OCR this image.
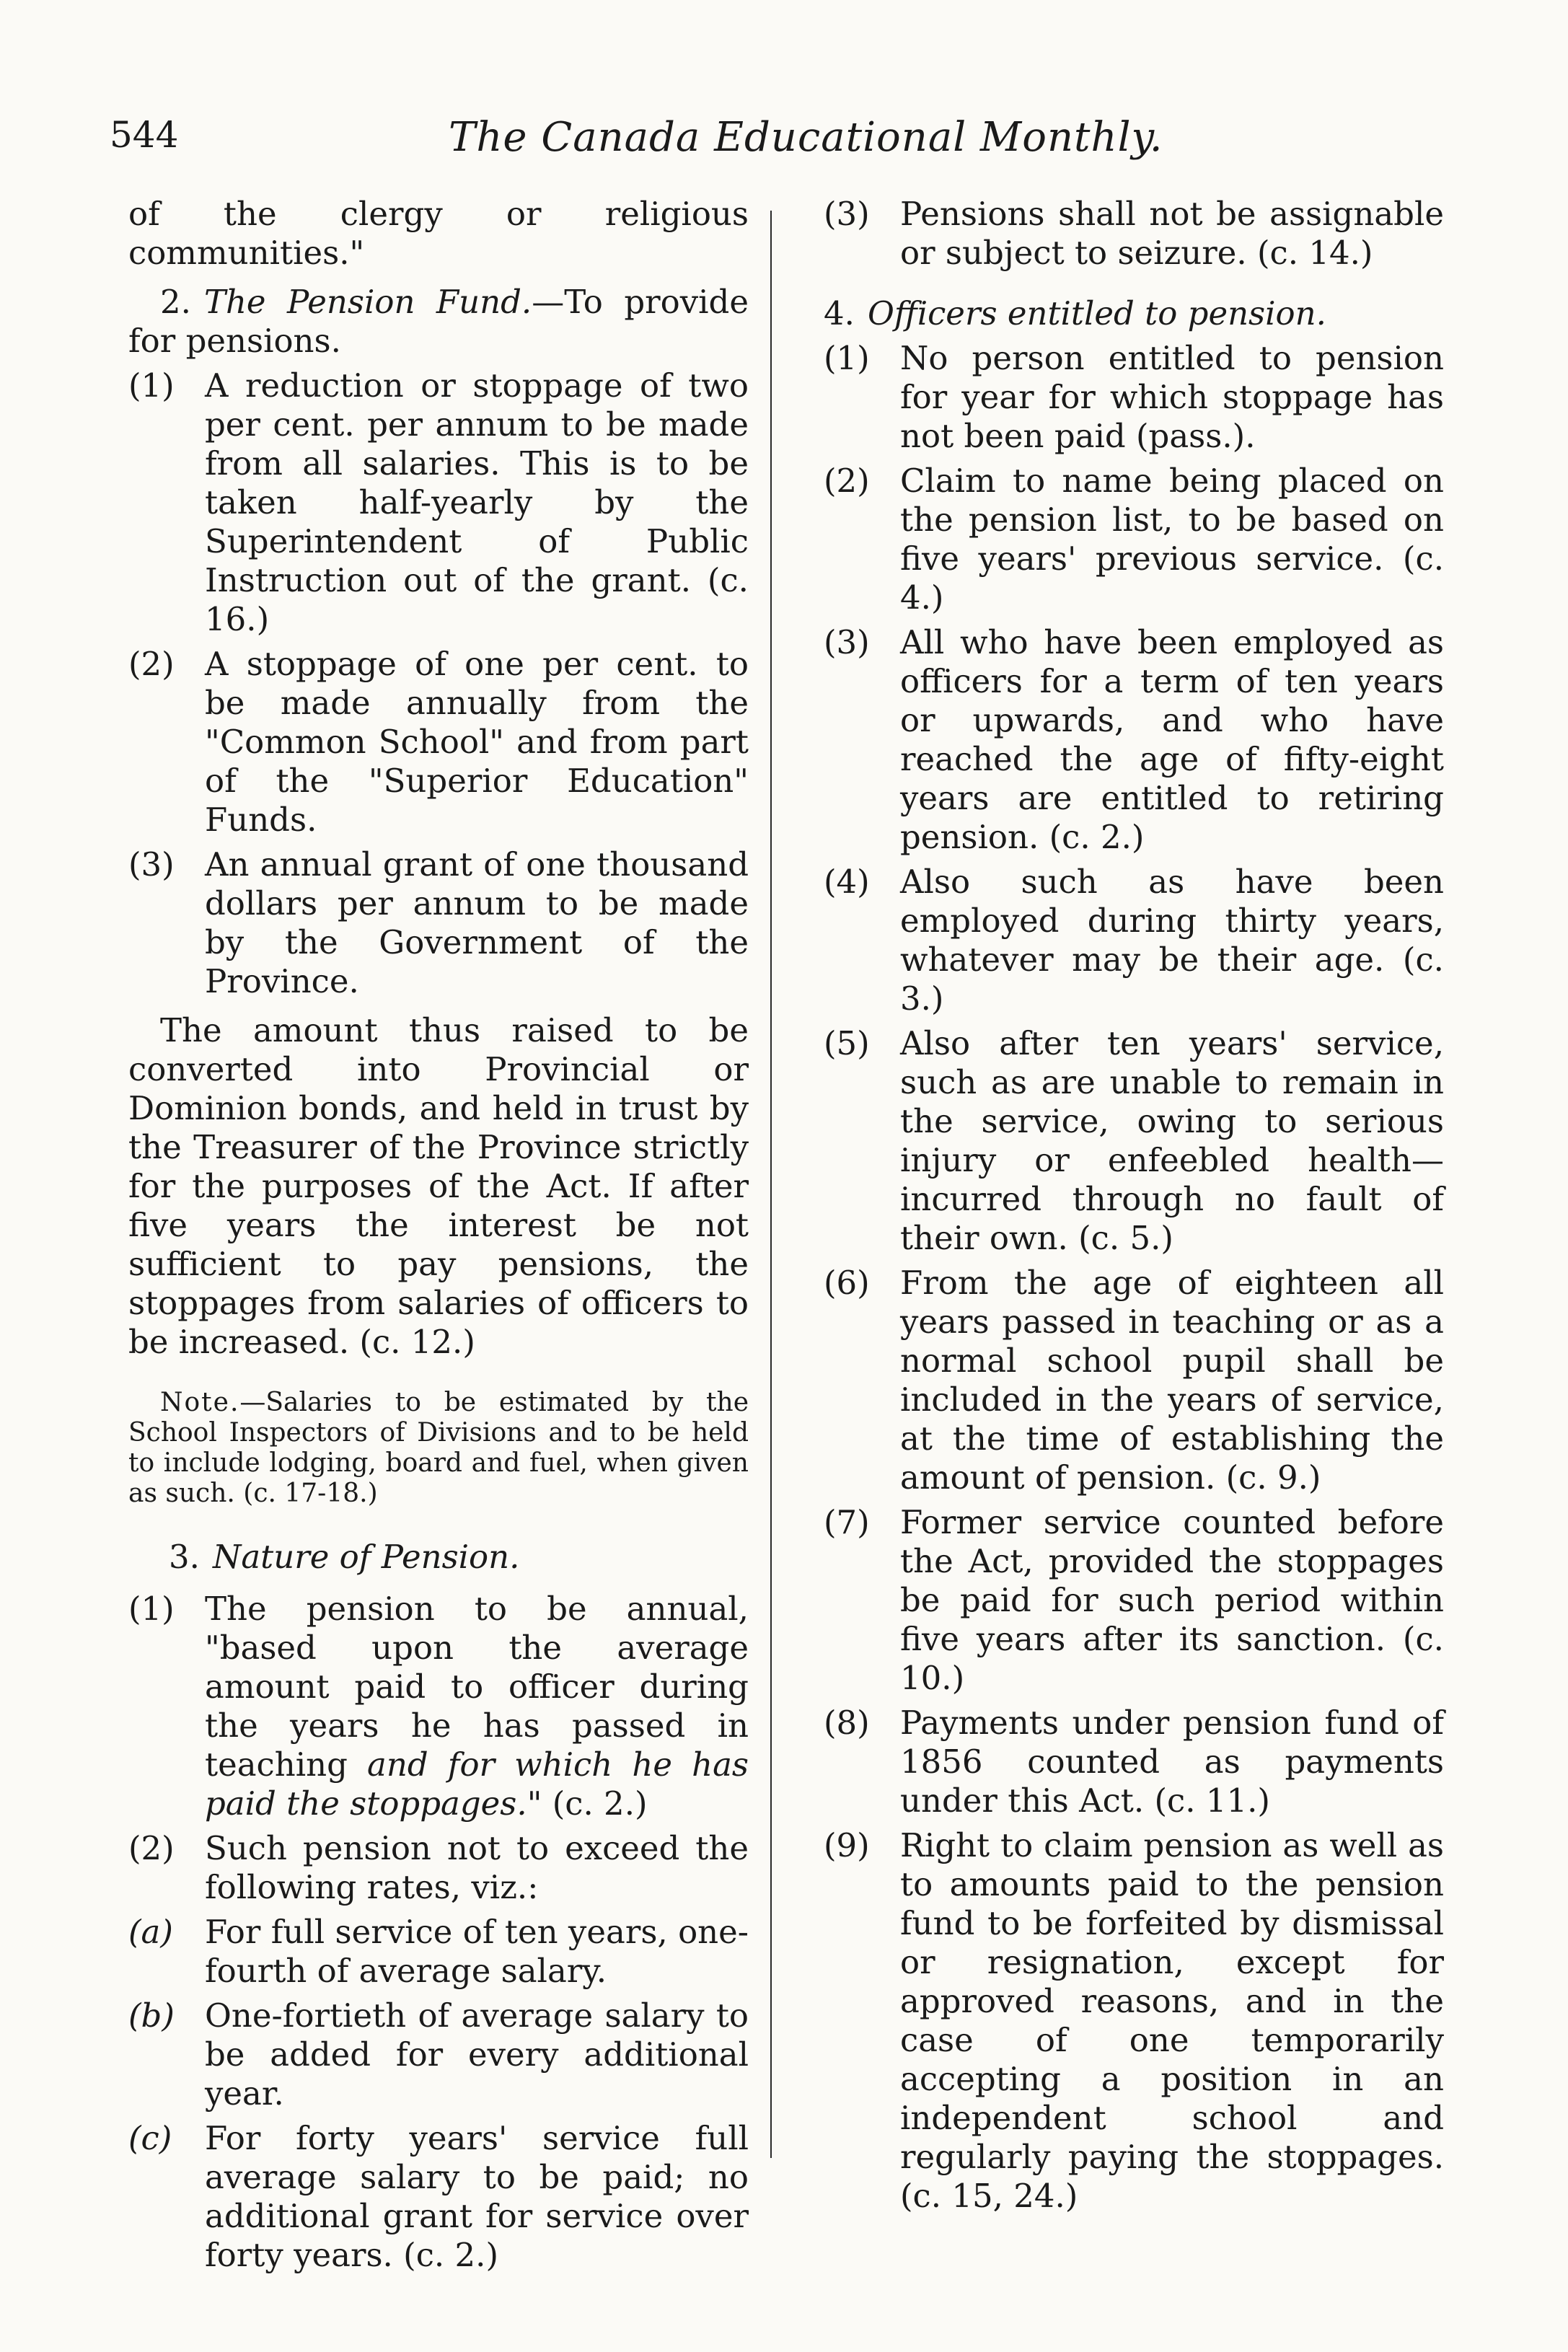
544	The Canada Educational Monthly.

of the clergy or religious communities."

2. The Pension Fund.—To provide for pensions.

(1) A reduction or stoppage of two per cent. per annum to be made from all salaries. This is to be taken half-yearly by the Superintendent of Public Instruction out of the grant. (c. 16.)
(2) A stoppage of one per cent. to be made annually from the "Common School" and from part of the "Superior Education" Funds.
(3) An annual grant of one thousand dollars per annum to be made by the Government of the Province.

The amount thus raised to be converted into Provincial or Dominion bonds, and held in trust by the Treasurer of the Province strictly for the purposes of the Act. If after five years the interest be not sufficient to pay pensions, the stoppages from salaries of officers to be increased. (c. 12.)

Note.—Salaries to be estimated by the School Inspectors of Divisions and to be held to include lodging, board and fuel, when given as such. (c. 17-18.)

3. Nature of Pension.

(1) The pension to be annual, "based upon the average amount paid to officer during the years he has passed in teaching and for which he has paid the stoppages." (c. 2.)
(2) Such pension not to exceed the following rates, viz.:
(a) For full service of ten years, one-fourth of average salary.
(b) One-fortieth of average salary to be added for every additional year.
(c) For forty years' service full average salary to be paid; no additional grant for service over forty years. (c. 2.)
(3) Pensions shall not be assignable or subject to seizure. (c. 14.)

4. Officers entitled to pension.

(1) No person entitled to pension for year for which stoppage has not been paid (pass.).
(2) Claim to name being placed on the pension list, to be based on five years' previous service. (c. 4.)
(3) All who have been employed as officers for a term of ten years or upwards, and who have reached the age of fifty-eight years are entitled to retiring pension. (c. 2.)
(4) Also such as have been employed during thirty years, whatever may be their age. (c. 3.)
(5) Also after ten years' service, such as are unable to remain in the service, owing to serious injury or enfeebled health—incurred through no fault of their own. (c. 5.)
(6) From the age of eighteen all years passed in teaching or as a normal school pupil shall be included in the years of service, at the time of establishing the amount of pension. (c. 9.)
(7) Former service counted before the Act, provided the stoppages be paid for such period within five years after its sanction. (c. 10.)
(8) Payments under pension fund of 1856 counted as payments under this Act. (c. 11.)
(9) Right to claim pension as well as to amounts paid to the pension fund to be forfeited by dismissal or resignation, except for approved reasons, and in the case of one temporarily accepting a position in an independent school and regularly paying the stoppages. (c. 15, 24.)
